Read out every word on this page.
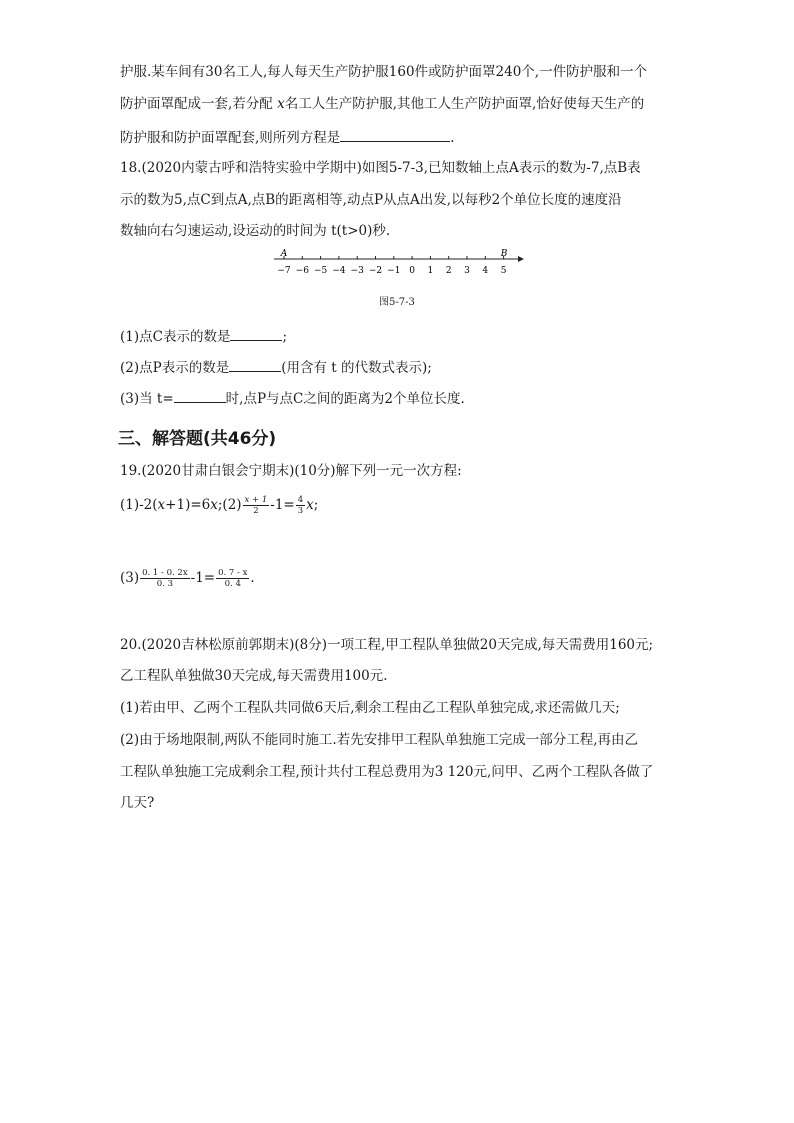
护服.某车间有30名工人,每人每天生产防护服160件或防护面罩240个,一件防护服和一个
防护面罩配成一套,若分配 x名工人生产防护服,其他工人生产防护面罩,恰好使每天生产的
防护服和防护面罩配套,则所列方程是	.
18.(2020内蒙古呼和浩特实验中学期中)如图5-7-3,已知数轴上点A表示的数为-7,点B表
示的数为5,点C到点A,点B的距离相等,动点P从点A出发,以每秒2个单位长度的速度沿
数轴向右匀速运动,设运动的时间为 t(t>0)秒.
−7 −6 −5 −4 −3 −2 −1 0 1 2 3 4 5
A	B
图5-7-3
(1)点C表示的数是	;
(2)点P表示的数是	(用含有 t 的代数式表示);
(3)当 t=	时,点P与点C之间的距离为2个单位长度.
三、解答题(共46分)
19.(2020甘肃白银会宁期末)(10分)解下列一元一次方程:
(1)-2(x+1)=6x;(2) $\frac{x + 1}{2} -1= \frac{4}{3} x$;
$(3) \frac{0. 1 - 0. 2x}{0. 3} -1= \frac{0. 7 - x}{0. 4}$ .
20.(2020吉林松原前郭期末)(8分)一项工程,甲工程队单独做20天完成,每天需费用160元;
乙工程队单独做30天完成,每天需费用100元.
(1)若由甲、乙两个工程队共同做6天后,剩余工程由乙工程队单独完成,求还需做几天;
(2)由于场地限制,两队不能同时施工.若先安排甲工程队单独施工完成一部分工程,再由乙
工程队单独施工完成剩余工程,预计共付工程总费用为3 120元,问甲、乙两个工程队各做了
几天?
